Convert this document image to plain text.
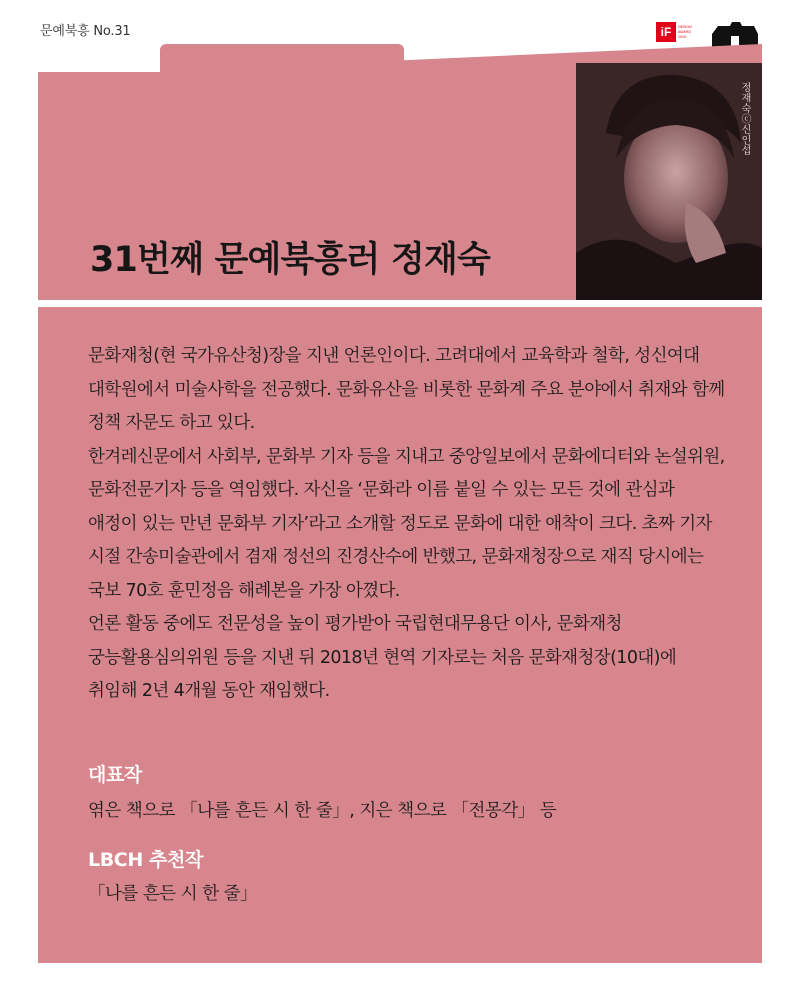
문예북흥 No.31	iF	DESIGN
AWARD
2019
정재숙ⓒ신인섭
31번째 문예북흥러 정재숙

문화재청(현 국가유산청)장을 지낸 언론인이다. 고려대에서 교육학과 철학, 성신여대 대학원에서 미술사학을 전공했다. 문화유산을 비롯한 문화계 주요 분야에서 취재와 함께 정책 자문도 하고 있다.

한겨레신문에서 사회부, 문화부 기자 등을 지내고 중앙일보에서 문화에디터와 논설위원, 문화전문기자 등을 역임했다. 자신을 ‘문화라 이름 붙일 수 있는 모든 것에 관심과 애정이 있는 만년 문화부 기자’라고 소개할 정도로 문화에 대한 애착이 크다. 초짜 기자 시절 간송미술관에서 겸재 정선의 진경산수에 반했고, 문화재청장으로 재직 당시에는 국보 70호 훈민정음 해례본을 가장 아꼈다.

언론 활동 중에도 전문성을 높이 평가받아 국립현대무용단 이사, 문화재청 궁능활용심의위원 등을 지낸 뒤 2018년 현역 기자로는 처음 문화재청장(10대)에 취임해 2년 4개월 동안 재임했다.

대표작

엮은 책으로 「나를 흔든 시 한 줄」, 지은 책으로 「전몽각」 등

LBCH 추천작

「나를 흔든 시 한 줄」
